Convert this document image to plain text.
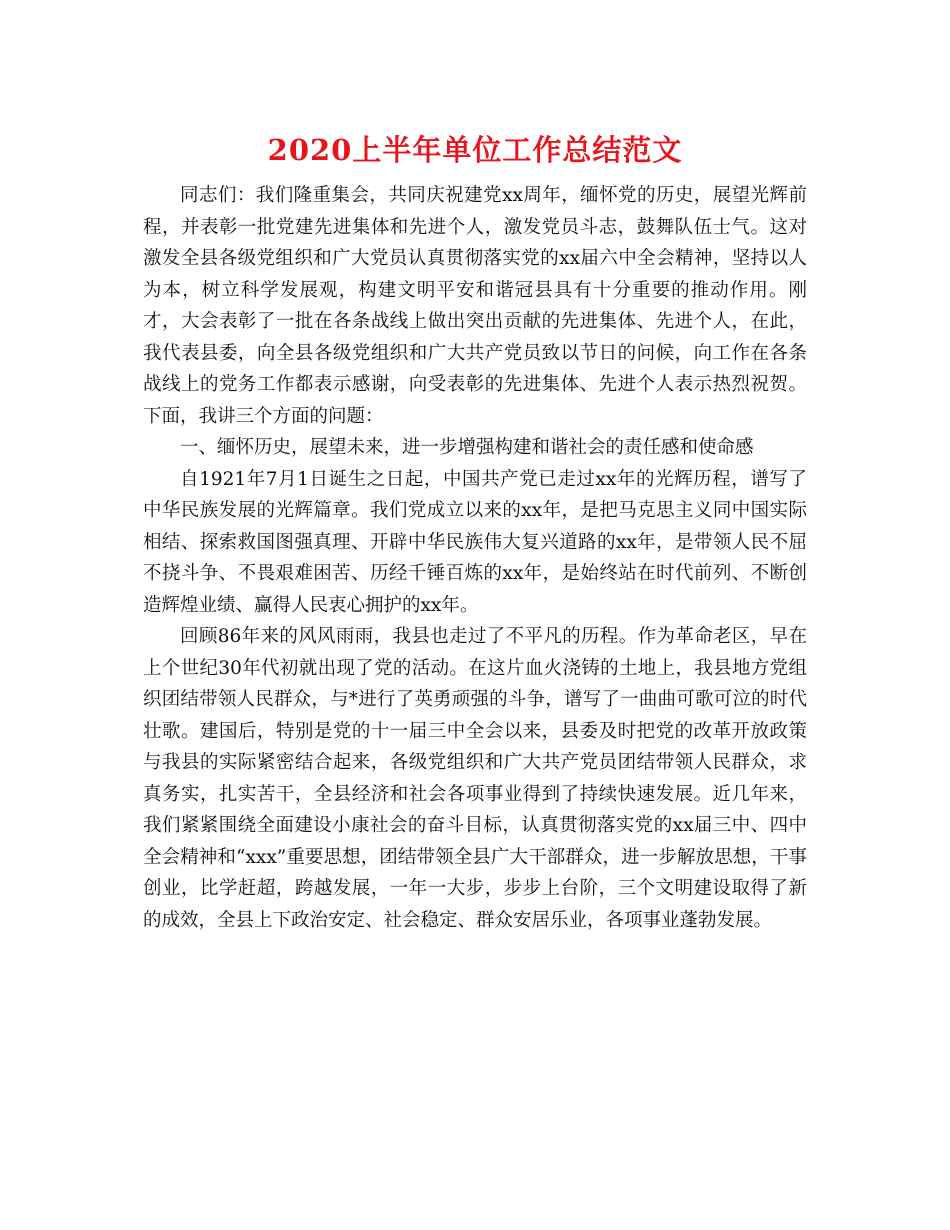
2020上半年单位工作总结范文

同志们：我们隆重集会，共同庆祝建党xx周年，缅怀党的历史，展望光辉前程，并表彰一批党建先进集体和先进个人，激发党员斗志，鼓舞队伍士气。这对激发全县各级党组织和广大党员认真贯彻落实党的xx届六中全会精神，坚持以人为本，树立科学发展观，构建文明平安和谐冠县具有十分重要的推动作用。刚才，大会表彰了一批在各条战线上做出突出贡献的先进集体、先进个人，在此，我代表县委，向全县各级党组织和广大共产党员致以节日的问候，向工作在各条战线上的党务工作都表示感谢，向受表彰的先进集体、先进个人表示热烈祝贺。下面，我讲三个方面的问题：

一、缅怀历史，展望未来，进一步增强构建和谐社会的责任感和使命感

自1921年7月1日诞生之日起，中国共产党已走过xx年的光辉历程，谱写了中华民族发展的光辉篇章。我们党成立以来的xx年，是把马克思主义同中国实际相结、探索救国图强真理、开辟中华民族伟大复兴道路的xx年，是带领人民不屈不挠斗争、不畏艰难困苦、历经千锤百炼的xx年，是始终站在时代前列、不断创造辉煌业绩、赢得人民衷心拥护的xx年。

回顾86年来的风风雨雨，我县也走过了不平凡的历程。作为革命老区，早在上个世纪30年代初就出现了党的活动。在这片血火浇铸的土地上，我县地方党组织团结带领人民群众，与*进行了英勇顽强的斗争，谱写了一曲曲可歌可泣的时代壮歌。建国后，特别是党的十一届三中全会以来，县委及时把党的改革开放政策与我县的实际紧密结合起来，各级党组织和广大共产党员团结带领人民群众，求真务实，扎实苦干，全县经济和社会各项事业得到了持续快速发展。近几年来，我们紧紧围绕全面建设小康社会的奋斗目标，认真贯彻落实党的xx届三中、四中全会精神和“xxx”重要思想，团结带领全县广大干部群众，进一步解放思想，干事创业，比学赶超，跨越发展，一年一大步，步步上台阶，三个文明建设取得了新的成效，全县上下政治安定、社会稳定、群众安居乐业，各项事业蓬勃发展。
